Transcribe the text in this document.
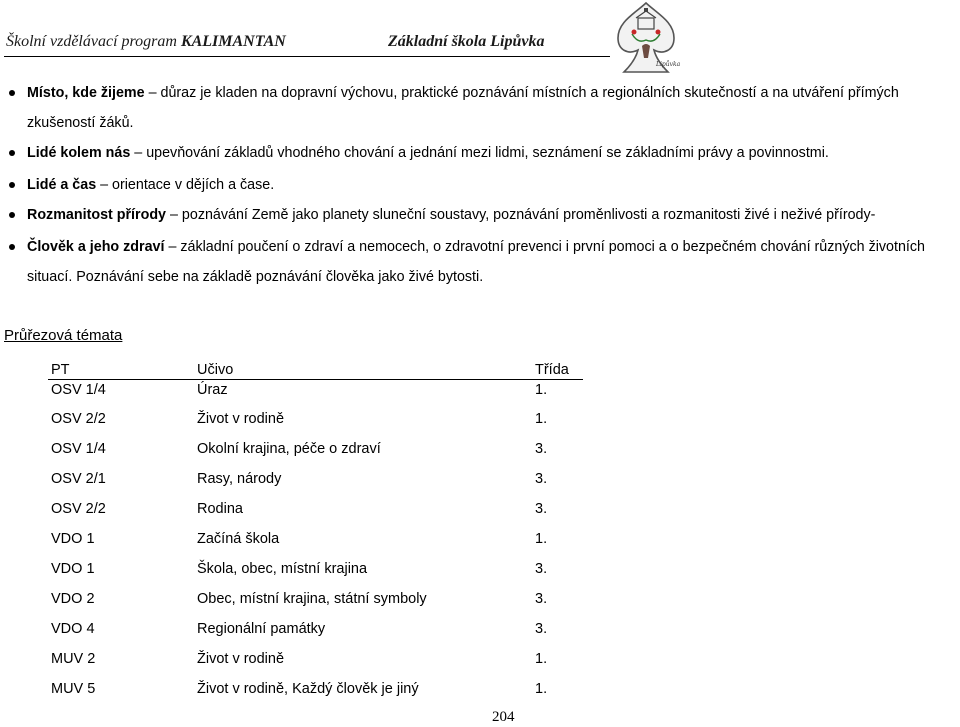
Školní vzdělávací program KALIMANTAN	Základní škola Lipůvka
Lipůvka
Místo, kde žijeme – důraz je kladen na dopravní výchovu, praktické poznávání místních a regionálních skutečností a na utváření přímých
zkušeností žáků.
Lidé kolem nás – upevňování základů vhodného chování a jednání mezi lidmi, seznámení se základními právy a povinnostmi.
Lidé a čas – orientace v dějích a čase.
Rozmanitost přírody – poznávání Země jako planety sluneční soustavy, poznávání proměnlivosti a rozmanitosti živé i neživé přírody-
Člověk a jeho zdraví – základní poučení o zdraví a nemocech, o zdravotní prevenci i první pomoci a o bezpečném chování různých životních
situací. Poznávání sebe na základě poznávání člověka jako živé bytosti.
Průřezová témata
PT	Učivo	Třída
OSV 1/4	Úraz	1.
OSV 2/2	Život v rodině	1.
OSV 1/4	Okolní krajina, péče o zdraví	3.
OSV 2/1	Rasy, národy	3.
OSV 2/2	Rodina	3.
VDO 1	Začíná škola	1.
VDO 1	Škola, obec, místní krajina	3.
VDO 2	Obec, místní krajina, státní symboly	3.
VDO 4	Regionální památky	3.
MUV 2	Život v rodině	1.
MUV 5	Život v rodině, Každý člověk je jiný	1.
204
